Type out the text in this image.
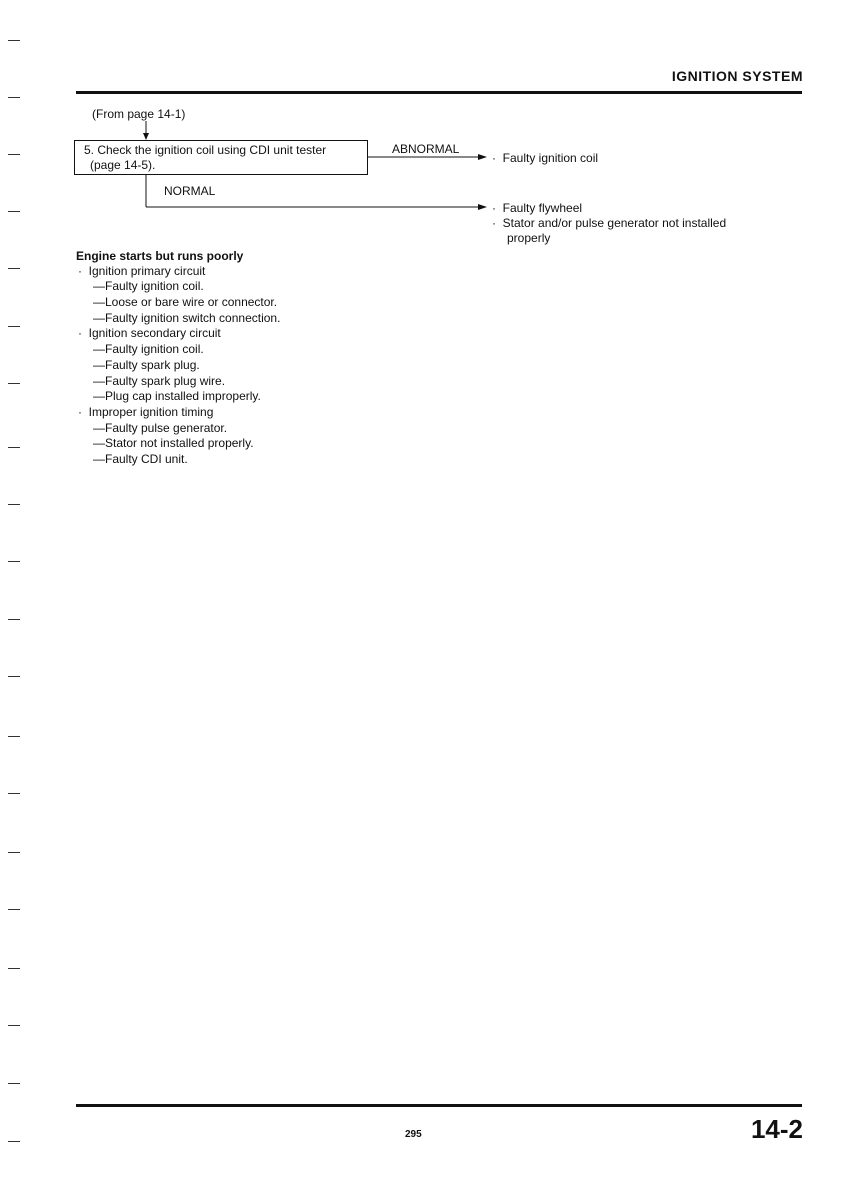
IGNITION SYSTEM
(From page 14-1)
5. Check the ignition coil using CDI unit tester
(page 14-5).
ABNORMAL
·  Faulty ignition coil
NORMAL
·  Faulty flywheel
·  Stator and/or pulse generator not installed
properly
Engine starts but runs poorly
·  Ignition primary circuit
—Faulty ignition coil.
—Loose or bare wire or connector.
—Faulty ignition switch connection.
·  Ignition secondary circuit
—Faulty ignition coil.
—Faulty spark plug.
—Faulty spark plug wire.
—Plug cap installed improperly.
·  Improper ignition timing
—Faulty pulse generator.
—Stator not installed properly.
—Faulty CDI unit.
295	14-2
